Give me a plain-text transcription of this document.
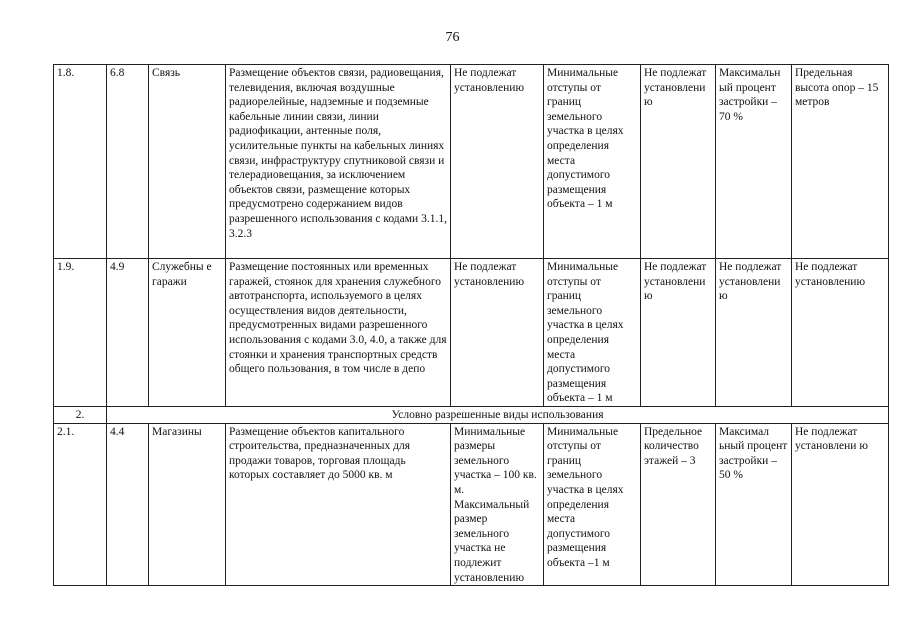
76
1.8.	6.8	Связь	Размещение объектов связи, радиовещания, телевидения, включая воздушные радиорелейные, надземные и подземные кабельные линии связи, линии радиофикации, антенные поля, усилительные пункты на кабельных линиях связи, инфраструктуру спутниковой связи и телерадиовещания, за исключением объектов связи, размещение которых предусмотрено содержанием видов разрешенного использования с кодами 3.1.1, 3.2.3	Не подлежат установлению	Минимальные отступы от границ земельного участка в целях определения места допустимого размещения объекта – 1 м	Не подлежат установлени ю	Максимальн ый процент застройки – 70 %	Предельная высота опор – 15 метров
1.9.	4.9	Служебны е гаражи	Размещение постоянных или временных гаражей, стоянок для хранения служебного автотранспорта, используемого в целях осуществления видов деятельности, предусмотренных видами разрешенного использования с кодами 3.0, 4.0, а также для стоянки и хранения транспортных средств общего пользования, в том числе в депо	Не подлежат установлению	Минимальные отступы от границ земельного участка в целях определения места допустимого размещения объекта – 1 м	Не подлежат установлени ю	Не подлежат установлени ю	Не подлежат установлению
2.	Условно разрешенные виды использования							
2.1.	4.4	Магазины	Размещение объектов капитального строительства, предназначенных для продажи товаров, торговая площадь которых составляет до 5000 кв. м	Минимальные размеры земельного участка – 100 кв. м. Максимальный размер земельного участка не подлежит установлению	Минимальные отступы от границ земельного участка в целях определения места допустимого размещения объекта –1 м	Предельное количество этажей – 3	Максимал ьный процент застройки – 50 %	Не подлежат установлени ю
